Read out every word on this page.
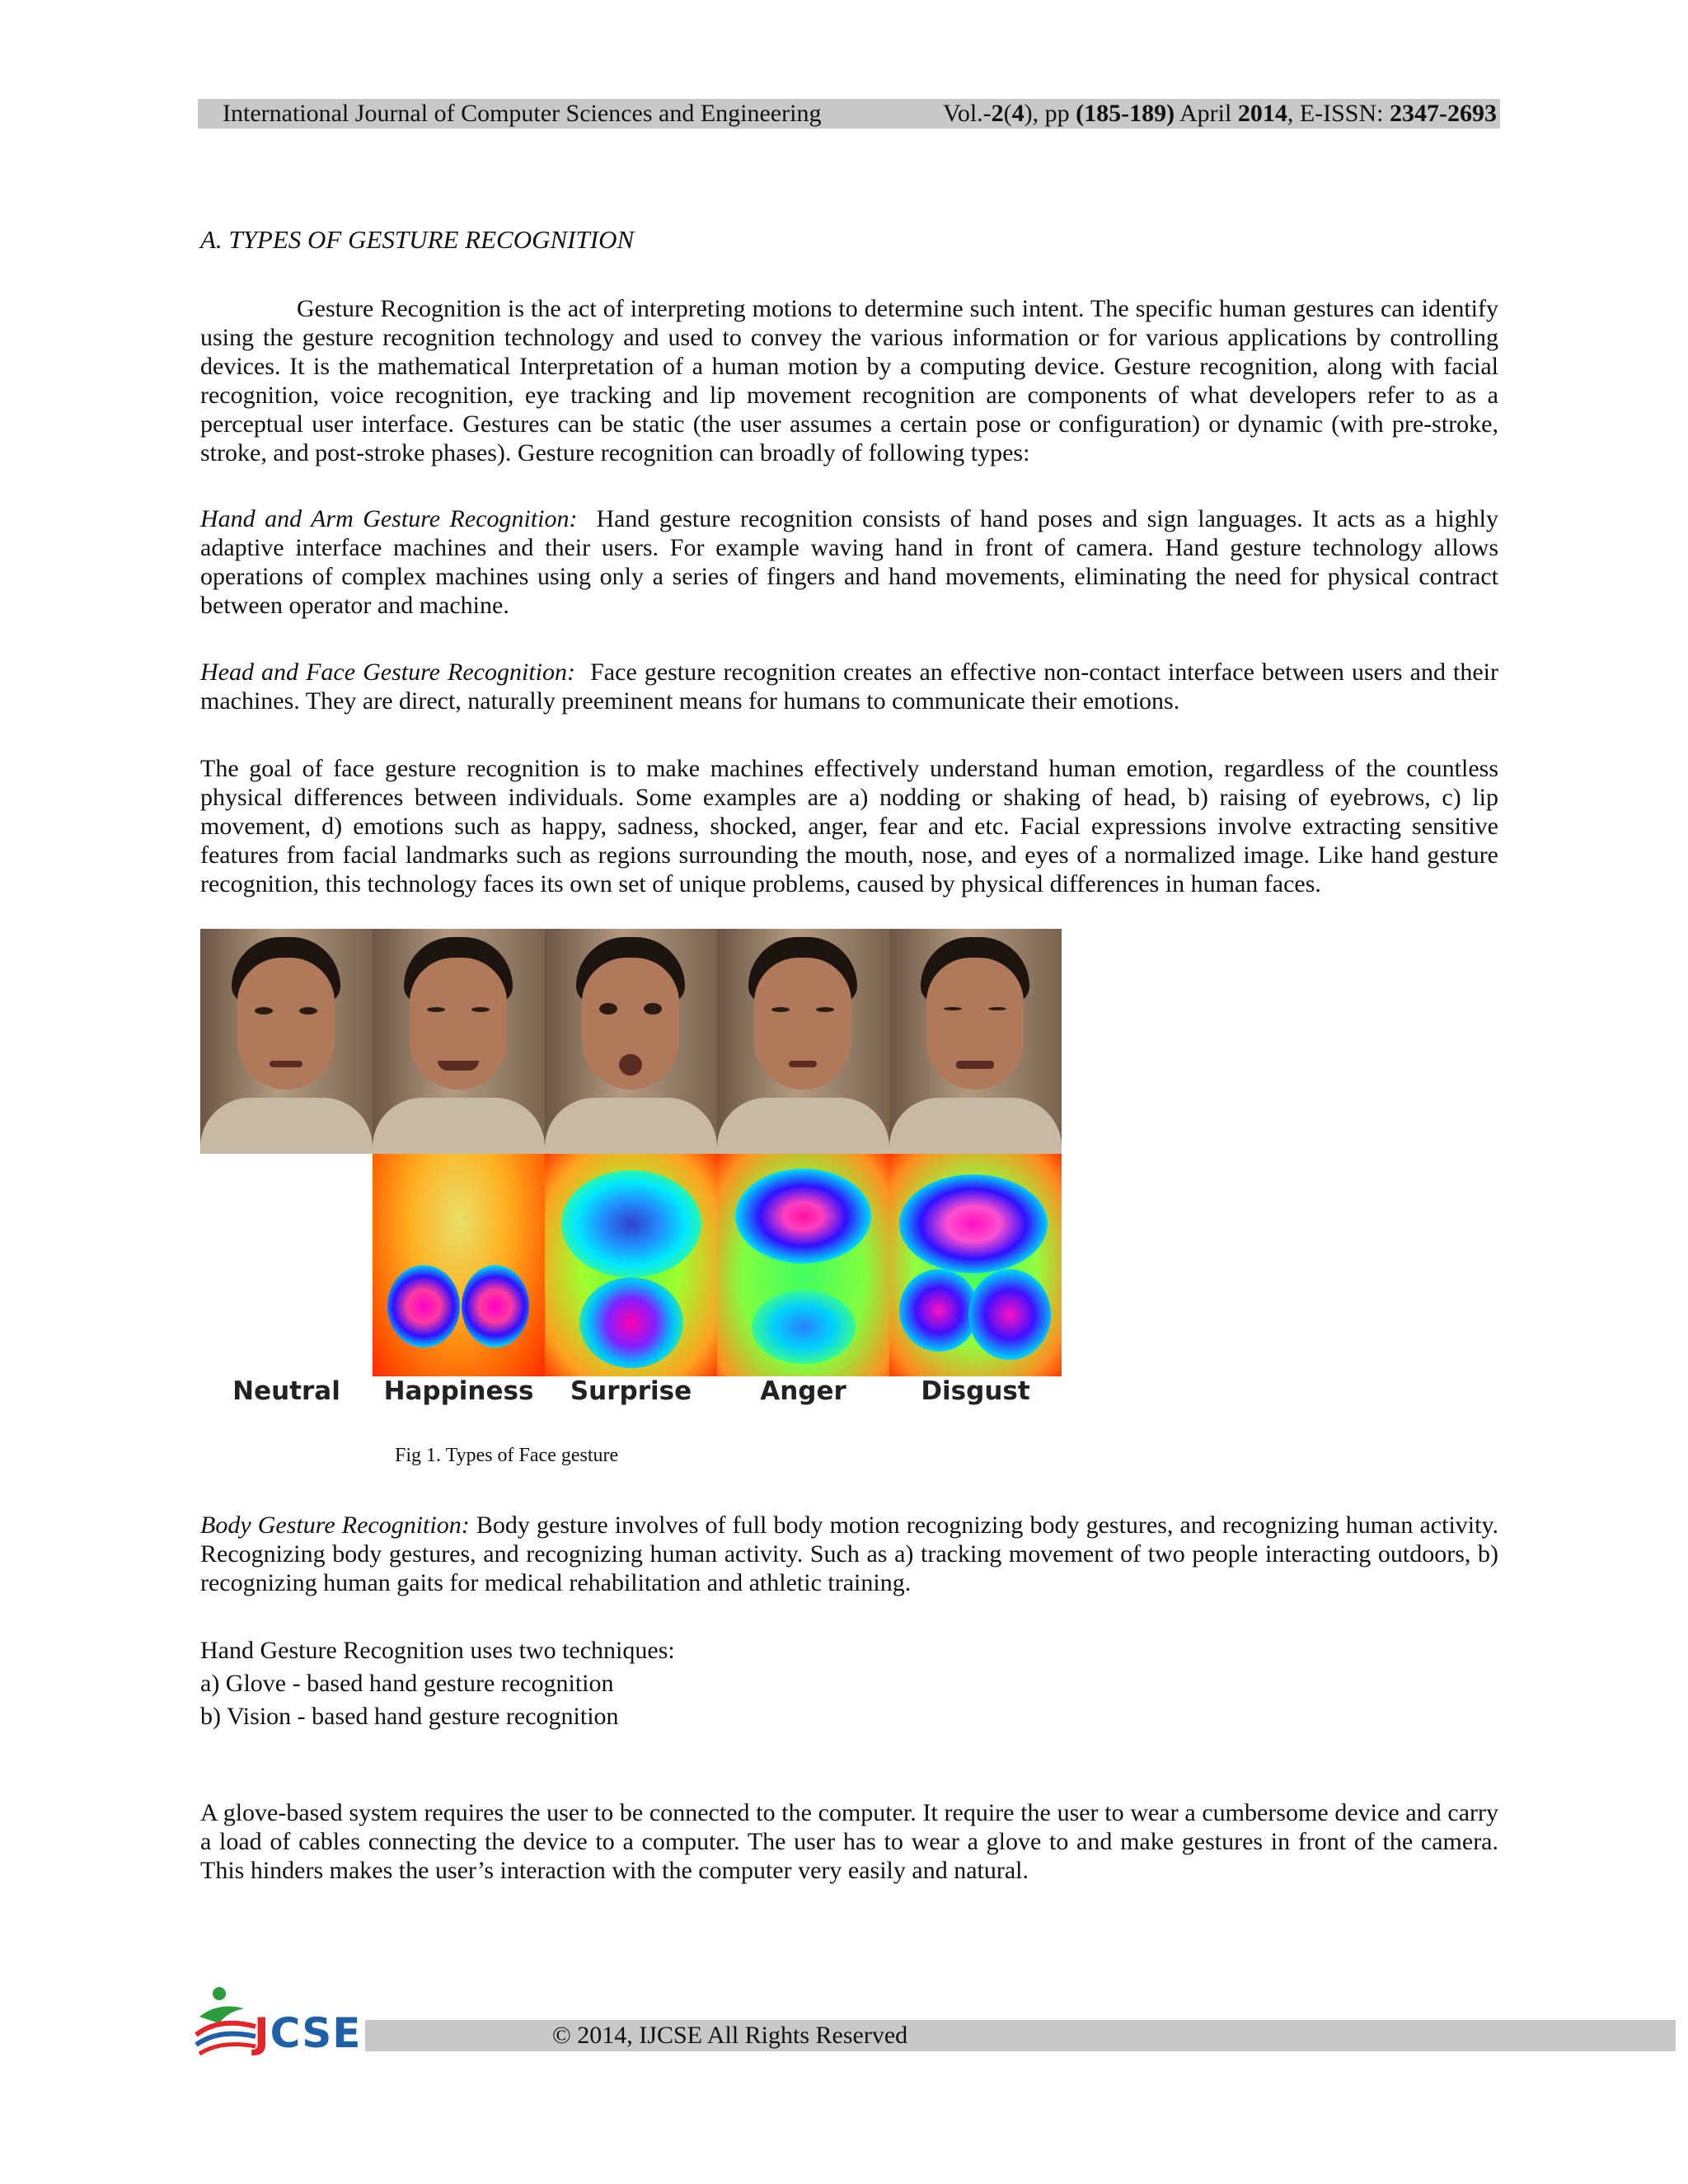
International Journal of Computer Sciences and Engineering	Vol.-2(4), pp (185-189) April 2014, E-ISSN: 2347-2693
A. TYPES OF GESTURE RECOGNITION

Gesture Recognition is the act of interpreting motions to determine such intent. The specific human gestures can identify using the gesture recognition technology and used to convey the various information or for various applications by controlling devices. It is the mathematical Interpretation of a human motion by a computing device. Gesture recognition, along with facial recognition, voice recognition, eye tracking and lip movement recognition are components of what developers refer to as a perceptual user interface. Gestures can be static (the user assumes a certain pose or configuration) or dynamic (with pre-stroke, stroke, and post-stroke phases). Gesture recognition can broadly of following types:

Hand and Arm Gesture Recognition: Hand gesture recognition consists of hand poses and sign languages. It acts as a highly adaptive interface machines and their users. For example waving hand in front of camera. Hand gesture technology allows operations of complex machines using only a series of fingers and hand movements, eliminating the need for physical contract between operator and machine.

Head and Face Gesture Recognition: Face gesture recognition creates an effective non-contact interface between users and their machines. They are direct, naturally preeminent means for humans to communicate their emotions.

The goal of face gesture recognition is to make machines effectively understand human emotion, regardless of the countless physical differences between individuals. Some examples are a) nodding or shaking of head, b) raising of eyebrows, c) lip movement, d) emotions such as happy, sadness, shocked, anger, fear and etc. Facial expressions involve extracting sensitive features from facial landmarks such as regions surrounding the mouth, nose, and eyes of a normalized image. Like hand gesture recognition, this technology faces its own set of unique problems, caused by physical differences in human faces.

Neutral	Happiness	Surprise	Anger	Disgust
Fig 1. Types of Face gesture

Body Gesture Recognition: Body gesture involves of full body motion recognizing body gestures, and recognizing human activity. Recognizing body gestures, and recognizing human activity. Such as a) tracking movement of two people interacting outdoors, b) recognizing human gaits for medical rehabilitation and athletic training.

Hand Gesture Recognition uses two techniques:
a) Glove - based hand gesture recognition
b) Vision - based hand gesture recognition

A glove-based system requires the user to be connected to the computer. It require the user to wear a cumbersome device and carry a load of cables connecting the device to a computer. The user has to wear a glove to and make gestures in front of the camera. This hinders makes the user’s interaction with the computer very easily and natural.

© 2014, IJCSE All Rights Reserved
JCSE
